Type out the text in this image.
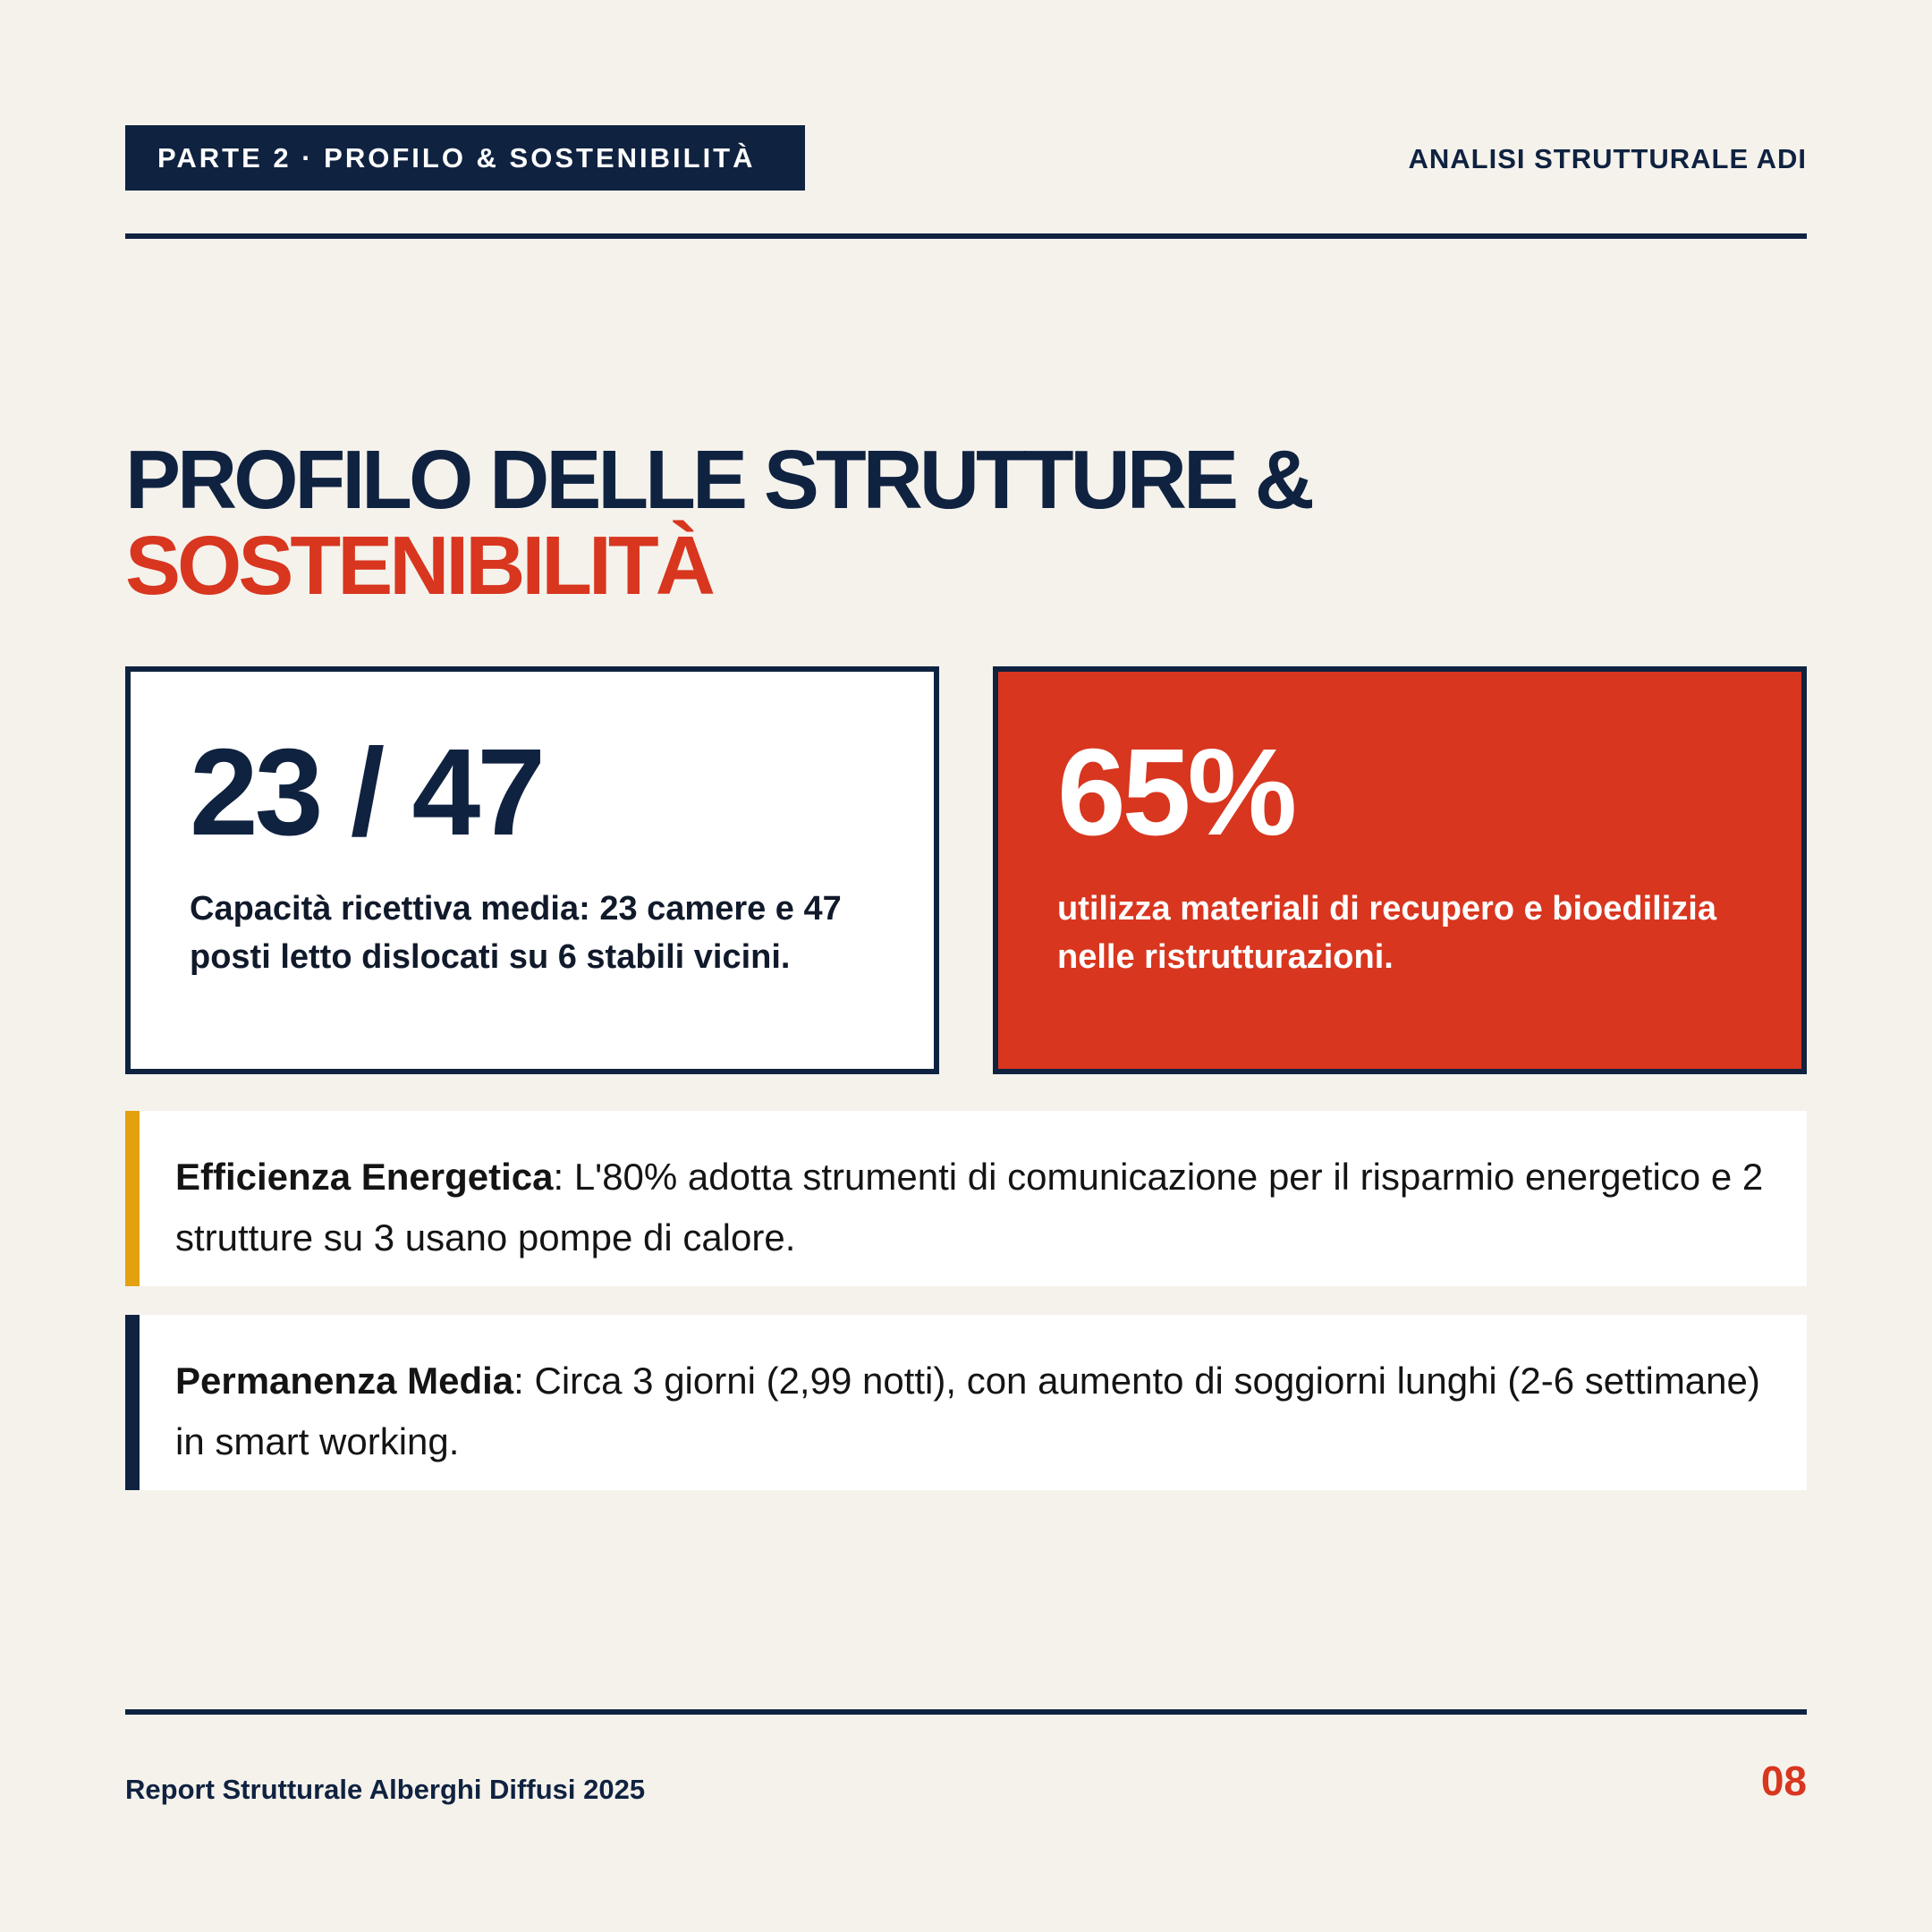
PARTE 2 · PROFILO & SOSTENIBILITÀ	ANALISI STRUTTURALE ADI
PROFILO DELLE STRUTTURE &
SOSTENIBILITÀ
23 / 47

Capacità ricettiva media: 23 camere e 47 posti letto dislocati su 6 stabili vicini.

65%

utilizza materiali di recupero e bioedilizia nelle ristrutturazioni.

Efficienza Energetica: L'80% adotta strumenti di comunicazione per il risparmio energetico e 2 strutture su 3 usano pompe di calore.

Permanenza Media: Circa 3 giorni (2,99 notti), con aumento di soggiorni lunghi (2-6 settimane) in smart working.

Report Strutturale Alberghi Diffusi 2025	08
